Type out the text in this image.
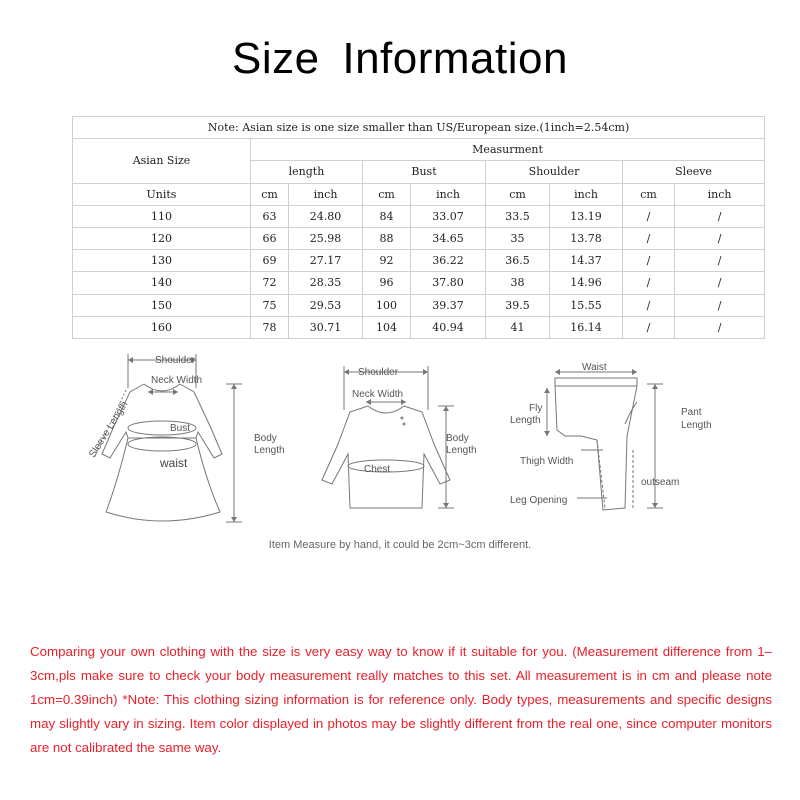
Size Information
Note: Asian size is one size smaller than US/European size.(1inch=2.54cm)								
Asian Size	Measurment							
	length		Bust		Shoulder		Sleeve	
Units	cm	inch	cm	inch	cm	inch	cm	inch
110	63	24.80	84	33.07	33.5	13.19	/	/
120	66	25.98	88	34.65	35	13.78	/	/
130	69	27.17	92	36.22	36.5	14.37	/	/
140	72	28.35	96	37.80	38	14.96	/	/
150	75	29.53	100	39.37	39.5	15.55	/	/
160	78	30.71	104	40.94	41	16.14	/	/
Shoulder
Neck Width
Sleeve Length	Bust
waist
Body
Length
Shoulder
Neck Width
Body
Length
Chest
Waist
Fly
Length
Pant
Length
Thigh Width
outseam
Leg Opening
Item Measure by hand, it could be 2cm~3cm different.
Comparing your own clothing with the size is very easy way to know if it suitable for you. (Measurement difference from 1– 3cm,pls make sure to check your body measurement really matches to this set. All measurement is in cm and please note 1cm=0.39inch) *Note: This clothing sizing information is for reference only. Body types, measurements and specific designs may slightly vary in sizing. Item color displayed in photos may be slightly different from the real one, since computer monitors are not calibrated the same way.
